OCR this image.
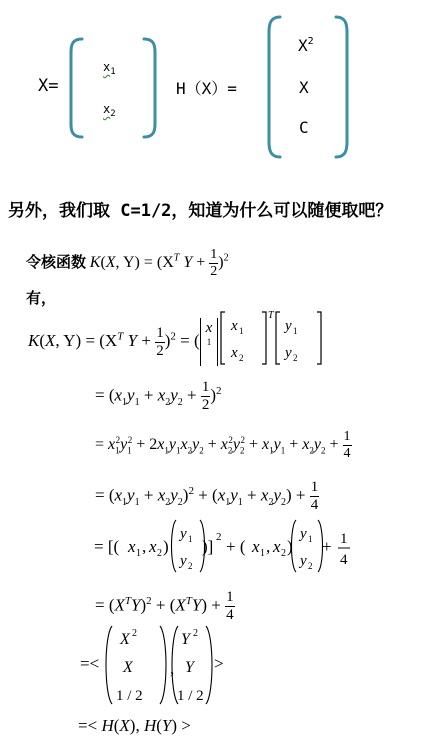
X=
$x_1$
$x_2$
H（X）=
$X^2$
X
C
另外，我们取 C=1/2，知道为什么可以随便取吧？
令核函数 K(X, $Y) = (X^T$ $Y + \frac{1}{2} )^2$
有，
K(X, $Y) = (X^T$ $Y + \frac{1}{2} )^2$ = (
x
1

x
x
y
y
1
2
1
2
T
= $(x_1y_1 + x_2y_2 + \frac{1}{2} )^2$
= $x_1^2y_1^2 + 2x_1y_1x_2y_2 + x_2^2y_2^2 + x_1y_1 + x_2y_2 + \frac{1}{4}$
= $(x_1y_1 + x_2y_2)^2 + (x_1y_1 + x_2y_2) + \frac{1}{4}$
= [( x 1 , x 2 ) )] 2 + ( x 1 , x 2 ) + 1
4
y
y
y
y
1
2
1
2
= $(X^TY)^2 + (X^TY) + \frac{1}{4}$
=<	, >
X
X
Y
Y
2	2
1 / 2 1 / 2
=< H(X), H(Y) >
